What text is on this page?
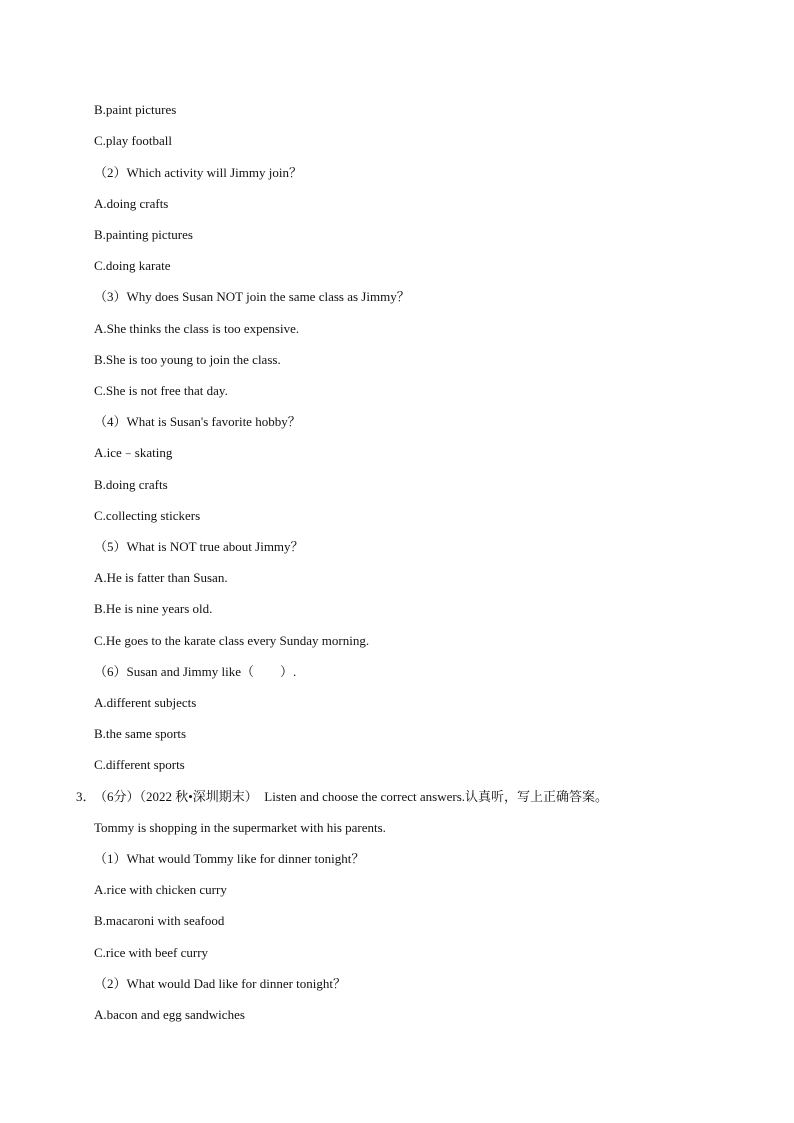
B.paint pictures
C.play football
（2）Which activity will Jimmy join？
A.doing crafts
B.painting pictures
C.doing karate
（3）Why does Susan NOT join the same class as Jimmy？
A.She thinks the class is too expensive.
B.She is too young to join the class.
C.She is not free that day.
（4）What is Susan's favorite hobby？
A.ice﹣skating
B.doing crafts
C.collecting stickers
（5）What is NOT true about Jimmy？
A.He is fatter than Susan.
B.He is nine years old.
C.He goes to the karate class every Sunday morning.
（6）Susan and Jimmy like（　　）.
A.different subjects
B.the same sports
C.different sports
3．
（6分）（2022 秋•深圳期末）　Listen and choose the correct answers.认真听，写上正确答案。
Tommy is shopping in the supermarket with his parents.
（1）What would Tommy like for dinner tonight？
A.rice with chicken curry
B.macaroni with seafood
C.rice with beef curry
（2）What would Dad like for dinner tonight？
A.bacon and egg sandwiches
